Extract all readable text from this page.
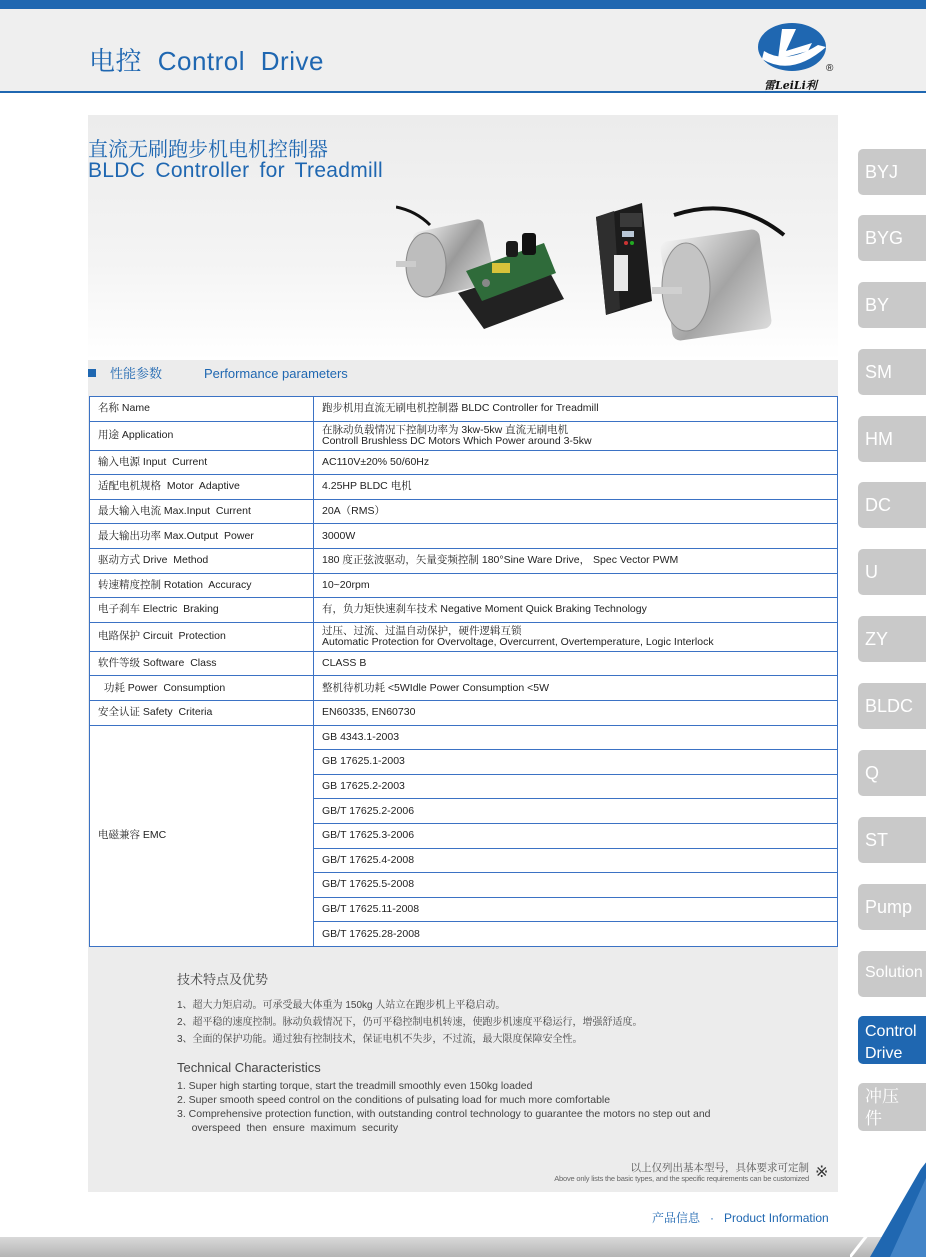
电控 Control Drive	®
雷LeiLi利
直流无刷跑步机电机控制器
BLDC Controller for Treadmill
性能参数	Performance parameters
名称 Name	跑步机用直流无刷电机控制器 BLDC Controller for Treadmill

用途 Application	在脉动负载情况下控制功率为 3kw-5kw 直流无刷电机
Controll Brushless DC Motors Which Power around 3-5kw

输入电源 Input  Current	AC110V±20% 50/60Hz

适配电机规格  Motor  Adaptive	4.25HP BLDC 电机

最大输入电流 Max.Input  Current	20A（RMS）

最大输出功率 Max.Output  Power	3000W

驱动方式 Drive  Method	180 度正弦波驱动，矢量变频控制 180°Sine Ware Drive， Spec Vector PWM

转速精度控制 Rotation  Accuracy	10~20rpm

电子刹车 Electric  Braking	有，负力矩快速刹车技术 Negative Moment Quick Braking Technology

电路保护 Circuit  Protection	过压、过流、过温自动保护，硬件逻辑互锁
Automatic Protection for Overvoltage, Overcurrent, Overtemperature, Logic Interlock

软件等级 Software  Class	CLASS B

功耗 Power  Consumption	整机待机功耗 <5WIdle Power Consumption <5W

安全认证 Safety  Criteria	EN60335, EN60730

电磁兼容 EMC	GB 4343.1-2003
	GB 17625.1-2003
	GB 17625.2-2003
	GB/T 17625.2-2006
	GB/T 17625.3-2006
	GB/T 17625.4-2008
	GB/T 17625.5-2008
	GB/T 17625.11-2008
	GB/T 17625.28-2008
技术特点及优势
1、超大力矩启动。可承受最大体重为 150kg 人站立在跑步机上平稳启动。
2、超平稳的速度控制。脉动负载情况下，仍可平稳控制电机转速，使跑步机速度平稳运行，增强舒适度。
3、全面的保护功能。通过独有控制技术，保证电机不失步，不过流，最大限度保障安全性。
Technical Characteristics
1. Super high starting torque, start the treadmill smoothly even 150kg loaded
2. Super smooth speed control on the conditions of pulsating load for much more comfortable
3. Comprehensive protection function, with outstanding control technology to guarantee the motors no step out and
overspeed  then  ensure  maximum  security
以上仅列出基本型号，具体要求可定制
Above only lists the basic types, and the specific requirements can be customized ※
BYJ
BYG
BY
SM
HM
DC
U
ZY
BLDC
Q
ST
Pump
Solution
Control
Drive
冲压
件
产品信息 · Product Information
